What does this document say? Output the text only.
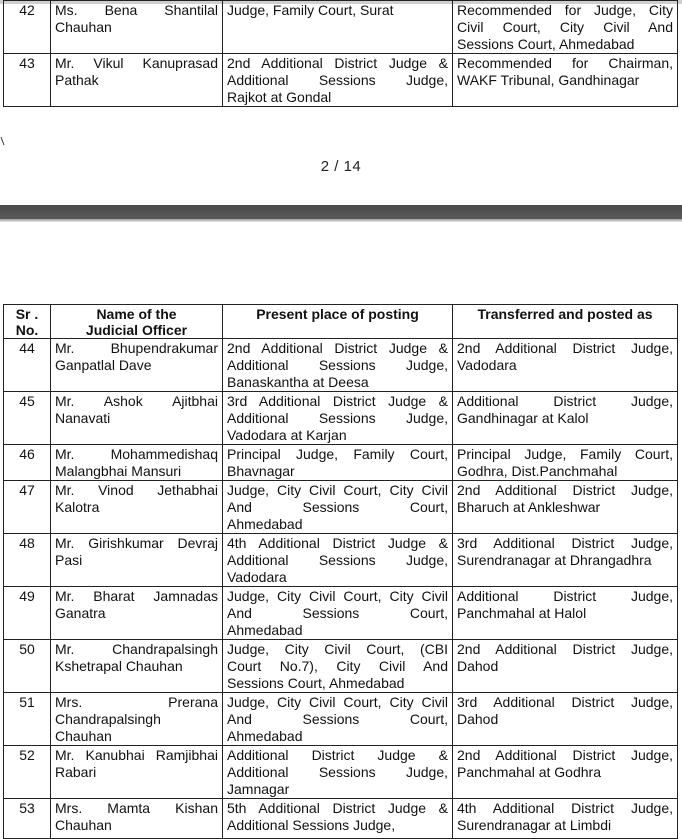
42	Ms. Bena Shantilal
Chauhan	Judge, Family Court, Surat	Recommended for Judge, City
Civil Court, City Civil And
Sessions Court, Ahmedabad

43	Mr. Vikul Kanuprasad
Pathak	2nd Additional District Judge &
Additional Sessions Judge,
Rajkot at Gondal	Recommended for Chairman,
WAKF Tribunal, Gandhinagar
2 / 14
Sr .
No.	Name of the
Judicial Officer	Present place of posting	Transferred and posted as
44	Mr. Bhupendrakumar
Ganpatlal Dave	2nd Additional District Judge &
Additional Sessions Judge,
Banaskantha at Deesa	2nd Additional District Judge,
Vadodara

45	Mr. Ashok Ajitbhai
Nanavati	3rd Additional District Judge &
Additional Sessions Judge,
Vadodara at Karjan	Additional District Judge,
Gandhinagar at Kalol

46	Mr. Mohammedishaq
Malangbhai Mansuri	Principal Judge, Family Court,
Bhavnagar	Principal Judge, Family Court,
Godhra, Dist.Panchmahal

47	Mr. Vinod Jethabhai
Kalotra	Judge, City Civil Court, City Civil
And Sessions Court,
Ahmedabad	2nd Additional District Judge,
Bharuch at Ankleshwar

48	Mr. Girishkumar Devraj
Pasi	4th Additional District Judge &
Additional Sessions Judge,
Vadodara	3rd Additional District Judge,
Surendranagar at Dhrangadhra

49	Mr. Bharat Jamnadas
Ganatra	Judge, City Civil Court, City Civil
And Sessions Court,
Ahmedabad	Additional District Judge,
Panchmahal at Halol

50	Mr. Chandrapalsingh
Kshetrapal Chauhan	Judge, City Civil Court, (CBI
Court No.7), City Civil And
Sessions Court, Ahmedabad	2nd Additional District Judge,
Dahod

51	Mrs. Prerana
Chandrapalsingh
Chauhan	Judge, City Civil Court, City Civil
And Sessions Court,
Ahmedabad	3rd Additional District Judge,
Dahod

52	Mr. Kanubhai Ramjibhai
Rabari	Additional District Judge &
Additional Sessions Judge,
Jamnagar	2nd Additional District Judge,
Panchmahal at Godhra

53	Mrs. Mamta Kishan
Chauhan	5th Additional District Judge &
Additional Sessions Judge,	4th Additional District Judge,
Surendranagar at Limbdi
